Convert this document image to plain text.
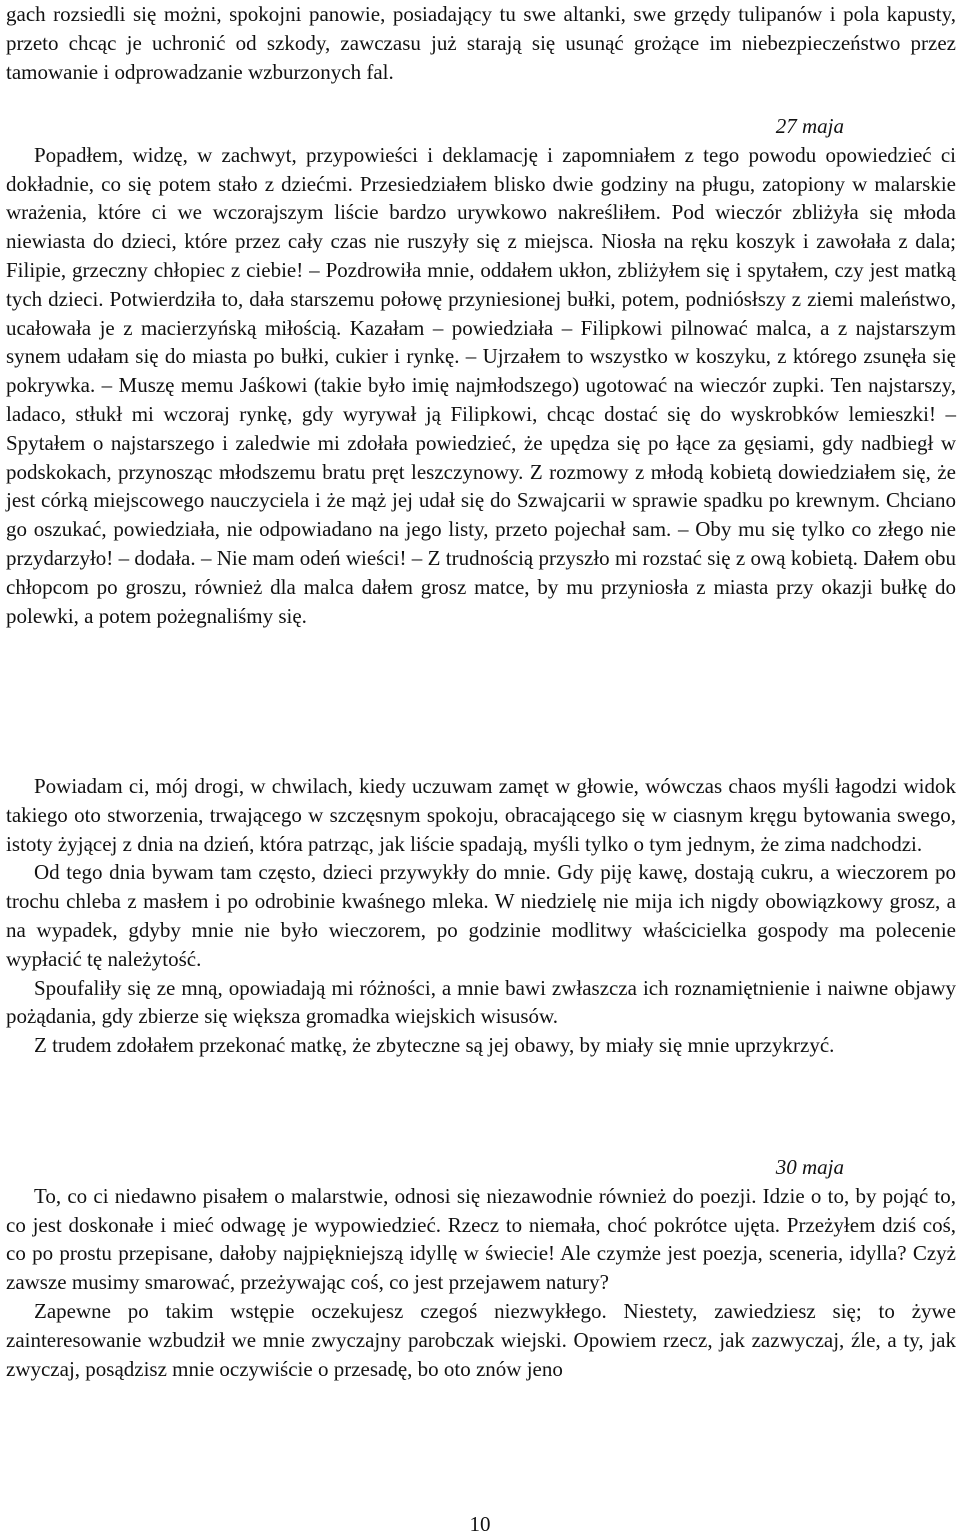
gach rozsiedli się możni, spokojni panowie, posiadający tu swe altanki, swe grzędy tulipanów i pola kapusty, przeto chcąc je uchronić od szkody, zawczasu już starają się usunąć grożące im niebezpieczeństwo przez tamowanie i odprowadzanie wzburzonych fal.

27 maja

Popadłem, widzę, w zachwyt, przypowieści i deklamację i zapomniałem z tego powodu opowiedzieć ci dokładnie, co się potem stało z dziećmi. Przesiedziałem blisko dwie godziny na pługu, zatopiony w malarskie wrażenia, które ci we wczorajszym liście bardzo urywkowo nakreśliłem. Pod wieczór zbliżyła się młoda niewiasta do dzieci, które przez cały czas nie ruszyły się z miejsca. Niosła na ręku koszyk i zawołała z dala; Filipie, grzeczny chłopiec z ciebie! – Pozdrowiła mnie, oddałem ukłon, zbliżyłem się i spytałem, czy jest matką tych dzieci. Potwierdziła to, dała starszemu połowę przyniesionej bułki, potem, podniósłszy z ziemi maleństwo, ucałowała je z macierzyńską miłością. Kazałam – powiedziała – Filipkowi pilnować malca, a z najstarszym synem udałam się do miasta po bułki, cukier i rynkę. – Ujrzałem to wszystko w koszyku, z którego zsunęła się pokrywka. – Muszę memu Jaśkowi (takie było imię najmłodszego) ugotować na wieczór zupki. Ten najstarszy, ladaco, stłukł mi wczoraj rynkę, gdy wyrywał ją Filipkowi, chcąc dostać się do wyskrobków lemieszki! – Spytałem o najstarszego i zaledwie mi zdołała powiedzieć, że upędza się po łące za gęsiami, gdy nadbiegł w podskokach, przynosząc młodszemu bratu pręt leszczynowy. Z rozmowy z młodą kobietą dowiedziałem się, że jest córką miejscowego nauczyciela i że mąż jej udał się do Szwajcarii w sprawie spadku po krewnym. Chciano go oszukać, powiedziała, nie odpowiadano na jego listy, przeto pojechał sam. – Oby mu się tylko co złego nie przydarzyło! – dodała. – Nie mam odeń wieści! – Z trudnością przyszło mi rozstać się z ową kobietą. Dałem obu chłopcom po groszu, również dla malca dałem grosz matce, by mu przyniosła z miasta przy okazji bułkę do polewki, a potem pożegnaliśmy się.

Powiadam ci, mój drogi, w chwilach, kiedy uczuwam zamęt w głowie, wówczas chaos myśli łagodzi widok takiego oto stworzenia, trwającego w szczęsnym spokoju, obracającego się w ciasnym kręgu bytowania swego, istoty żyjącej z dnia na dzień, która patrząc, jak liście spadają, myśli tylko o tym jednym, że zima nadchodzi.

Od tego dnia bywam tam często, dzieci przywykły do mnie. Gdy piję kawę, dostają cukru, a wieczorem po trochu chleba z masłem i po odrobinie kwaśnego mleka. W niedzielę nie mija ich nigdy obowiązkowy grosz, a na wypadek, gdyby mnie nie było wieczorem, po godzinie modlitwy właścicielka gospody ma polecenie wypłacić tę należytość.

Spoufaliły się ze mną, opowiadają mi różności, a mnie bawi zwłaszcza ich roznamiętnienie i naiwne objawy pożądania, gdy zbierze się większa gromadka wiejskich wisusów.

Z trudem zdołałem przekonać matkę, że zbyteczne są jej obawy, by miały się mnie uprzykrzyć.

30 maja

To, co ci niedawno pisałem o malarstwie, odnosi się niezawodnie również do poezji. Idzie o to, by pojąć to, co jest doskonałe i mieć odwagę je wypowiedzieć. Rzecz to niemała, choć pokrótce ujęta. Przeżyłem dziś coś, co po prostu przepisane, dałoby najpiękniejszą idyllę w świecie! Ale czymże jest poezja, sceneria, idylla? Czyż zawsze musimy smarować, przeżywając coś, co jest przejawem natury?

Zapewne po takim wstępie oczekujesz czegoś niezwykłego. Niestety, zawiedziesz się; to żywe zainteresowanie wzbudził we mnie zwyczajny parobczak wiejski. Opowiem rzecz, jak zazwyczaj, źle, a ty, jak zwyczaj, posądzisz mnie oczywiście o przesadę, bo oto znów jeno

10
